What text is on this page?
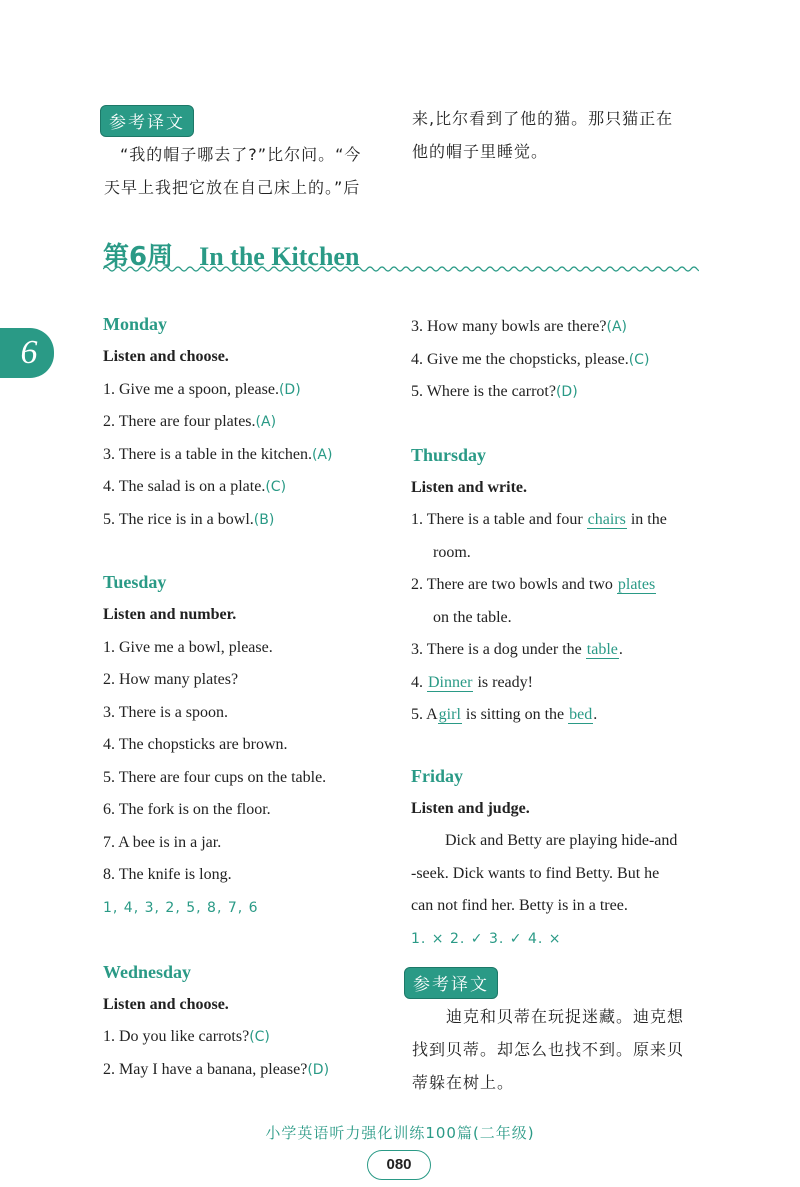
参考译文
“我的帽子哪去了?”比尔问。“今
天早上我把它放在自己床上的。”后
来,比尔看到了他的猫。那只猫正在
他的帽子里睡觉。
第6周 In the Kitchen
6
Monday
Listen and choose.
1. Give me a spoon, please.(D)
2. There are four plates.(A)
3. There is a table in the kitchen.(A)
4. The salad is on a plate.(C)
5. The rice is in a bowl.(B)
Tuesday
Listen and number.
1. Give me a bowl, please.
2. How many plates?
3. There is a spoon.
4. The chopsticks are brown.
5. There are four cups on the table.
6. The fork is on the floor.
7. A bee is in a jar.
8. The knife is long.
1, 4, 3, 2, 5, 8, 7, 6
Wednesday
Listen and choose.
1. Do you like carrots?(C)
2. May I have a banana, please?(D)
3. How many bowls are there?(A)
4. Give me the chopsticks, please.(C)
5. Where is the carrot?(D)
Thursday
Listen and write.
1. There is a table and four chairs in the
room.
2. There are two bowls and two plates
on the table.
3. There is a dog under the table.
4. Dinner is ready!
5. Agirl is sitting on the bed.
Friday
Listen and judge.
Dick and Betty are playing hide-and
-seek. Dick wants to find Betty. But he
can not find her. Betty is in a tree.
1. × 2. ✓ 3. ✓ 4. ×
参考译文
迪克和贝蒂在玩捉迷藏。迪克想
找到贝蒂。却怎么也找不到。原来贝
蒂躲在树上。
小学英语听力强化训练100篇(二年级)
080
